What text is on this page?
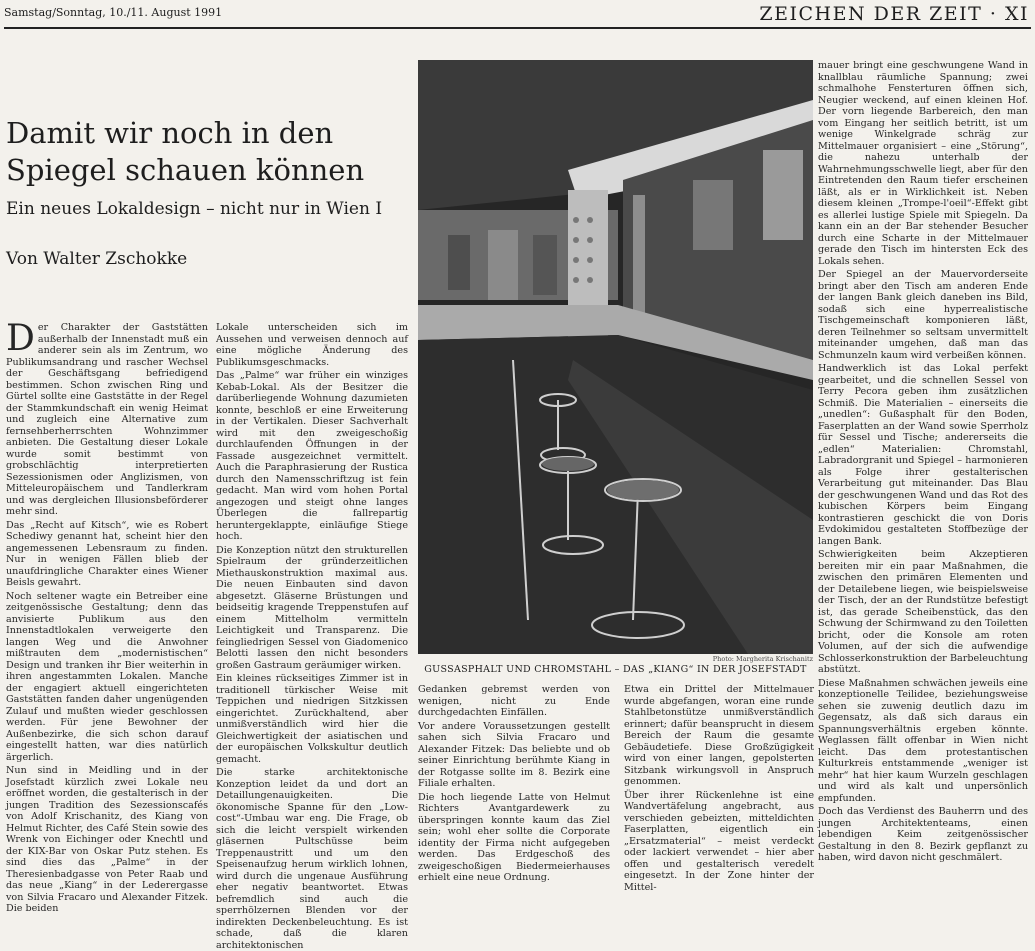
Samstag/Sonntag, 10./11. August 1991	ZEICHEN DER ZEIT · XI
Damit wir noch in den
Spiegel schauen können
Ein neues Lokaldesign – nicht nur in Wien I
Von Walter Zschokke

Der Charakter der Gaststätten außerhalb der Innenstadt muß ein anderer sein als im Zentrum, wo Publikumsandrang und rascher Wechsel der Geschäftsgang befriedigend bestimmen. Schon zwischen Ring und Gürtel sollte eine Gaststätte in der Regel der Stammkundschaft ein wenig Heimat und zugleich eine Alternative zum fernsehberherrschten Wohnzimmer anbieten. Die Gestaltung dieser Lokale wurde somit bestimmt von grobschlächtig interpretierten Sezessionismen oder Anglizismen, von Mitteleuropäischem und Tandlerkram und was dergleichen Illusionsbeförderer mehr sind.

Das „Recht auf Kitsch“, wie es Robert Schediwy genannt hat, scheint hier den angemessenen Lebensraum zu finden. Nur in wenigen Fällen blieb der unaufdringliche Charakter eines Wiener Beisls gewahrt.

Noch seltener wagte ein Betreiber eine zeitgenössische Gestaltung; denn das anvisierte Publikum aus den Innenstadtlokalen verweigerte den langen Weg und die Anwohner mißtrauten dem „modernistischen“ Design und tranken ihr Bier weiterhin in ihren angestammten Lokalen. Manche der engagiert aktuell eingerichteten Gaststätten fanden daher ungenügenden Zulauf und mußten wieder geschlossen werden. Für jene Bewohner der Außenbezirke, die sich schon darauf eingestellt hatten, war dies natürlich ärgerlich.

Nun sind in Meidling und in der Josefstadt kürzlich zwei Lokale neu eröffnet worden, die gestalterisch in der jungen Tradition des Sezessionscafés von Adolf Krischanitz, des Kiang von Helmut Richter, des Café Stein sowie des Wrenk von Eichinger oder Knechtl und der KIX-Bar von Oskar Putz stehen. Es sind dies das „Palme“ in der Theresienbadgasse von Peter Raab und das neue „Kiang“ in der Lederergasse von Silvia Fracaro und Alexander Fitzek. Die beiden

Lokale unterscheiden sich im Aussehen und verweisen dennoch auf eine mögliche Änderung des Publikumsgeschmacks.

Das „Palme“ war früher ein winziges Kebab-Lokal. Als der Besitzer die darüberliegende Wohnung dazumieten konnte, beschloß er eine Erweiterung in der Vertikalen. Dieser Sachverhalt wird mit den zweigeschoßig durchlaufenden Öffnungen in der Fassade ausgezeichnet vermittelt. Auch die Paraphrasierung der Rustica durch den Namensschriftzug ist fein gedacht. Man wird vom hohen Portal angezogen und steigt ohne langes Überlegen die fallrepartig heruntergeklappte, einläufige Stiege hoch.

Die Konzeption nützt den strukturellen Spielraum der gründerzeitlichen Miethauskonstruktion maximal aus. Die neuen Einbauten sind davon abgesetzt. Gläserne Brüstungen und beidseitig kragende Treppenstufen auf einem Mittelholm vermitteln Leichtigkeit und Transparenz. Die feingliedrigen Sessel von Giadomenico Belotti lassen den nicht besonders großen Gastraum geräumiger wirken.

Ein kleines rückseitiges Zimmer ist in traditionell türkischer Weise mit Teppichen und niedrigen Sitzkissen eingerichtet. Zurückhaltend, aber unmißverständlich wird hier die Gleichwertigkeit der asiatischen und der europäischen Volkskultur deutlich gemacht.

Die starke architektonische Konzeption leidet da und dort an Detaillungenauigkeiten. Die ökonomische Spanne für den „Low-cost“-Umbau war eng. Die Frage, ob sich die leicht verspielt wirkenden gläsernen Pultschüsse beim Treppenaustritt und um den Speisenaufzug herum wirklich lohnen, wird durch die ungenaue Ausführung eher negativ beantwortet. Etwas befremdlich sind auch die sperrhölzernen Blenden vor der indirekten Deckenbeleuchtung. Es ist schade, daß die klaren architektonischen

Photo: Margherita Krischanitz
GUSSASPHALT UND CHROMSTAHL – DAS „KIANG“ IN DER JOSEFSTADT

Gedanken gebremst werden von wenigen, nicht zu Ende durchgedachten Einfällen.

Vor andere Voraussetzungen gestellt sahen sich Silvia Fracaro und Alexander Fitzek: Das beliebte und ob seiner Einrichtung berühmte Kiang in der Rotgasse sollte im 8. Bezirk eine Filiale erhalten.

Die hoch liegende Latte von Helmut Richters Avantgardewerk zu überspringen konnte kaum das Ziel sein; wohl eher sollte die Corporate identity der Firma nicht aufgegeben werden. Das Erdgeschoß des zweigeschoßigen Biedermeierhauses erhielt eine neue Ordnung.

Etwa ein Drittel der Mittelmauer wurde abgefangen, woran eine runde Stahlbetonstütze unmißverständlich erinnert; dafür beansprucht in diesem Bereich der Raum die gesamte Gebäudetiefe. Diese Großzügigkeit wird von einer langen, gepolsterten Sitzbank wirkungsvoll in Anspruch genommen.

Über ihrer Rückenlehne ist eine Wandvertäfelung angebracht, aus verschieden gebeizten, mitteldichten Faserplatten, eigentlich ein „Ersatzmaterial“ – meist verdeckt oder lackiert verwendet – hier aber offen und gestalterisch veredelt eingesetzt. In der Zone hinter der Mittel-

mauer bringt eine geschwungene Wand in knallblau räumliche Spannung; zwei schmalhohe Fensterturen öffnen sich, Neugier weckend, auf einen kleinen Hof. Der vorn liegende Barbereich, den man vom Eingang her seitlich betritt, ist um wenige Winkelgrade schräg zur Mittelmauer organisiert – eine „Störung“, die nahezu unterhalb der Wahrnehmungsschwelle liegt, aber für den Eintretenden den Raum tiefer erscheinen läßt, als er in Wirklichkeit ist. Neben diesem kleinen „Trompe-l'oeil“-Effekt gibt es allerlei lustige Spiele mit Spiegeln. Da kann ein an der Bar stehender Besucher durch eine Scharte in der Mittelmauer gerade den Tisch im hintersten Eck des Lokals sehen.

Der Spiegel an der Mauervorderseite bringt aber den Tisch am anderen Ende der langen Bank gleich daneben ins Bild, sodaß sich eine hyperrealistische Tischgemeinschaft komponieren läßt, deren Teilnehmer so seltsam unvermittelt miteinander umgehen, daß man das Schmunzeln kaum wird verbeißen können.

Handwerklich ist das Lokal perfekt gearbeitet, und die schnellen Sessel von Terry Pecora geben ihm zusätzlichen Schmiß. Die Materialien – einerseits die „unedlen“: Gußasphalt für den Boden, Faserplatten an der Wand sowie Sperrholz für Sessel und Tische; andererseits die „edlen“ Materialien: Chromstahl, Labradorgranit und Spiegel – harmonieren als Folge ihrer gestalterischen Verarbeitung gut miteinander. Das Blau der geschwungenen Wand und das Rot des kubischen Körpers beim Eingang kontrastieren geschickt die von Doris Evdokimidou gestalteten Stoffbezüge der langen Bank.

Schwierigkeiten beim Akzeptieren bereiten mir ein paar Maßnahmen, die zwischen den primären Elementen und der Detailebene liegen, wie beispielsweise der Tisch, der an der Rundstütze befestigt ist, das gerade Scheibenstück, das den Schwung der Schirmwand zu den Toiletten bricht, oder die Konsole am roten Volumen, auf der sich die aufwendige Schlosserkonstruktion der Barbeleuchtung abstützt.

Diese Maßnahmen schwächen jeweils eine konzeptionelle Teilidee, beziehungsweise sehen sie zuwenig deutlich dazu im Gegensatz, als daß sich daraus ein Spannungsverhältnis ergeben könnte. Weglassen fällt offenbar in Wien nicht leicht. Das dem protestantischen Kulturkreis entstammende „weniger ist mehr“ hat hier kaum Wurzeln geschlagen und wird als kalt und unpersönlich empfunden.

Doch das Verdienst des Bauherrn und des jungen Architektenteams, einen lebendigen Keim zeitgenössischer Gestaltung in den 8. Bezirk gepflanzt zu haben, wird davon nicht geschmälert.
